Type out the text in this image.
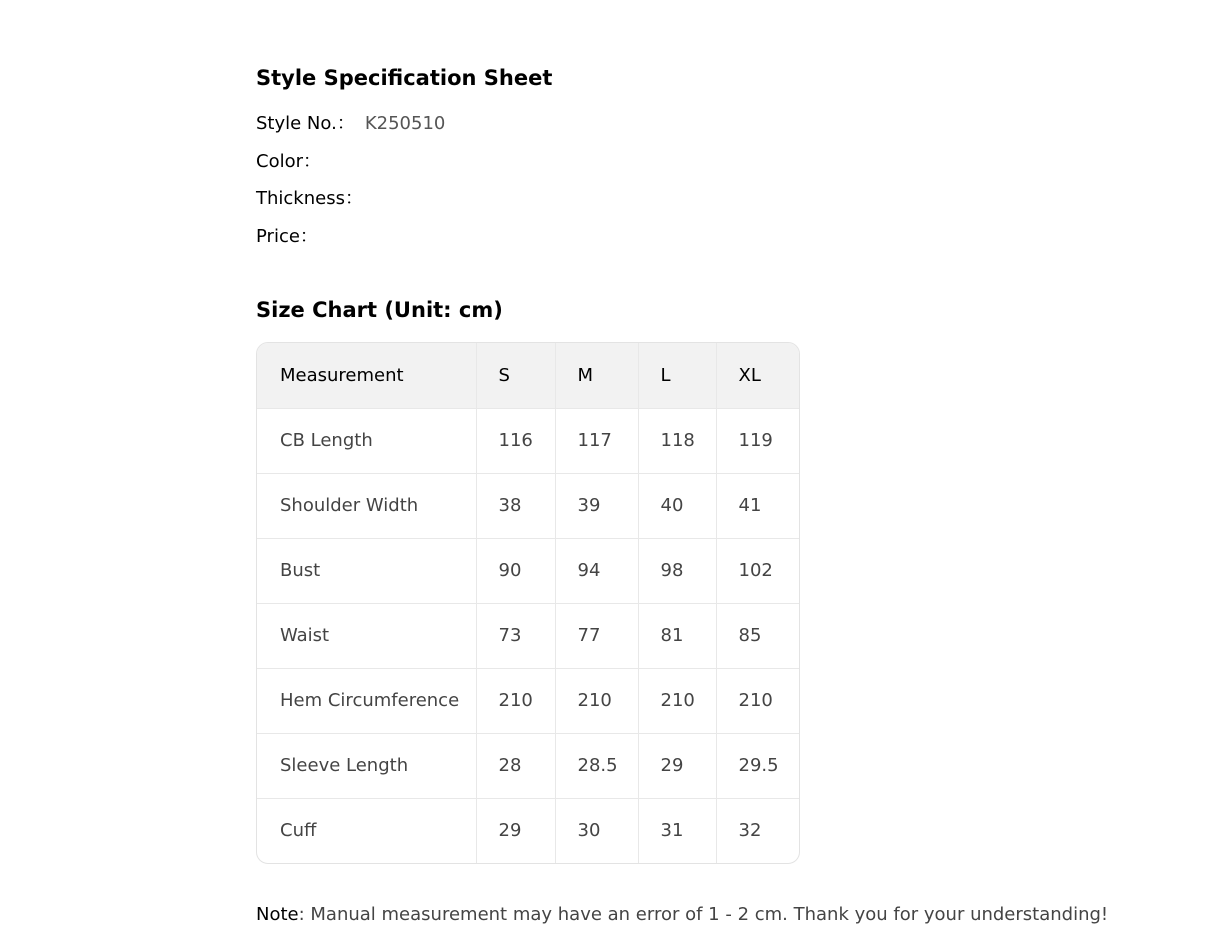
Style Specification Sheet
Style No.： K250510
Color：
Thickness：
Price：
Size Chart (Unit: cm)
Measurement	S	M	L	XL
CB Length	116	117	118	119
Shoulder Width	38	39	40	41
Bust	90	94	98	102
Waist	73	77	81	85
Hem Circumference	210	210	210	210
Sleeve Length	28	28.5	29	29.5
Cuff	29	30	31	32
Note: Manual measurement may have an error of 1 - 2 cm. Thank you for your understanding!
